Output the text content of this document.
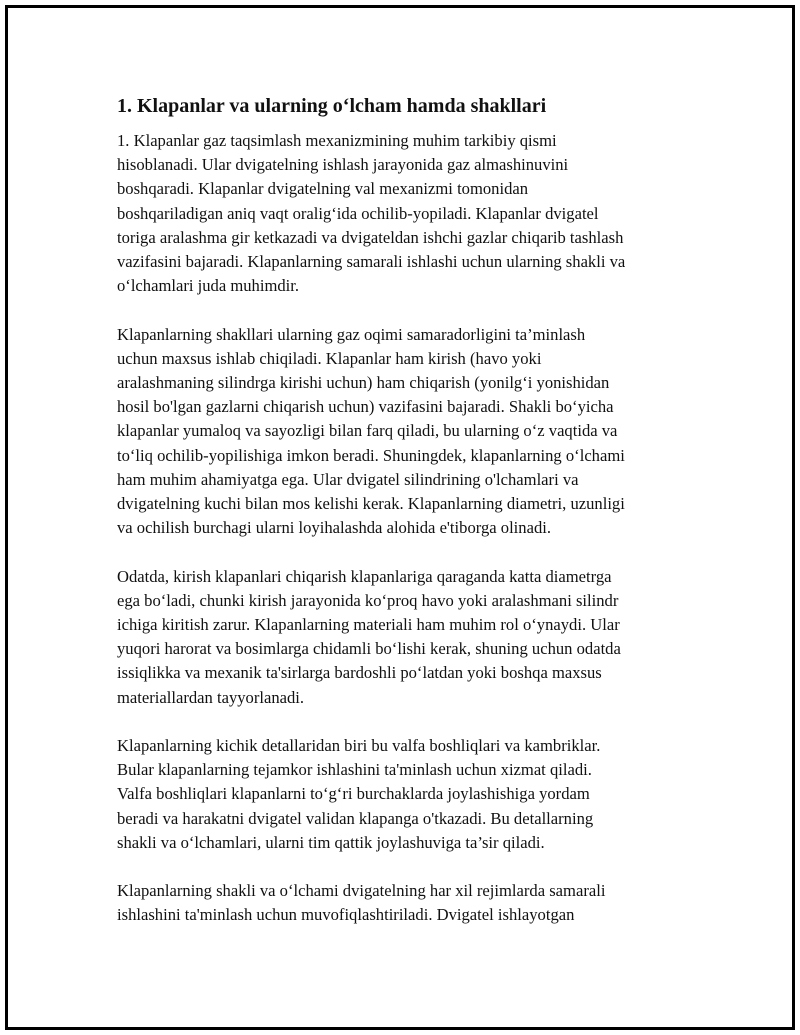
1. Klapanlar va ularning o‘lcham hamda shakllari

1. Klapanlar gaz taqsimlash mexanizmining muhim tarkibiy qismi
hisoblanadi. Ular dvigatelning ishlash jarayonida gaz almashinuvini
boshqaradi. Klapanlar dvigatelning val mexanizmi tomonidan
boshqariladigan aniq vaqt oralig‘ida ochilib-yopiladi. Klapanlar dvigatel
toriga aralashma gir ketkazadi va dvigateldan ishchi gazlar chiqarib tashlash
vazifasini bajaradi. Klapanlarning samarali ishlashi uchun ularning shakli va
o‘lchamlari juda muhimdir.

Klapanlarning shakllari ularning gaz oqimi samaradorligini ta’minlash
uchun maxsus ishlab chiqiladi. Klapanlar ham kirish (havo yoki
aralashmaning silindrga kirishi uchun) ham chiqarish (yonilg‘i yonishidan
hosil bo'lgan gazlarni chiqarish uchun) vazifasini bajaradi. Shakli bo‘yicha
klapanlar yumaloq va sayozligi bilan farq qiladi, bu ularning o‘z vaqtida va
to‘liq ochilib-yopilishiga imkon beradi. Shuningdek, klapanlarning o‘lchami
ham muhim ahamiyatga ega. Ular dvigatel silindrining o'lchamlari va
dvigatelning kuchi bilan mos kelishi kerak. Klapanlarning diametri, uzunligi
va ochilish burchagi ularni loyihalashda alohida e'tiborga olinadi.

Odatda, kirish klapanlari chiqarish klapanlariga qaraganda katta diametrga
ega bo‘ladi, chunki kirish jarayonida ko‘proq havo yoki aralashmani silindr
ichiga kiritish zarur. Klapanlarning materiali ham muhim rol o‘ynaydi. Ular
yuqori harorat va bosimlarga chidamli bo‘lishi kerak, shuning uchun odatda
issiqlikka va mexanik ta'sirlarga bardoshli po‘latdan yoki boshqa maxsus
materiallardan tayyorlanadi.

Klapanlarning kichik detallaridan biri bu valfa boshliqlari va kambriklar.
Bular klapanlarning tejamkor ishlashini ta'minlash uchun xizmat qiladi.
Valfa boshliqlari klapanlarni to‘g‘ri burchaklarda joylashishiga yordam
beradi va harakatni dvigatel validan klapanga o'tkazadi. Bu detallarning
shakli va o‘lchamlari, ularni tim qattik joylashuviga ta’sir qiladi.

Klapanlarning shakli va o‘lchami dvigatelning har xil rejimlarda samarali
ishlashini ta'minlash uchun muvofiqlashtiriladi. Dvigatel ishlayotgan
